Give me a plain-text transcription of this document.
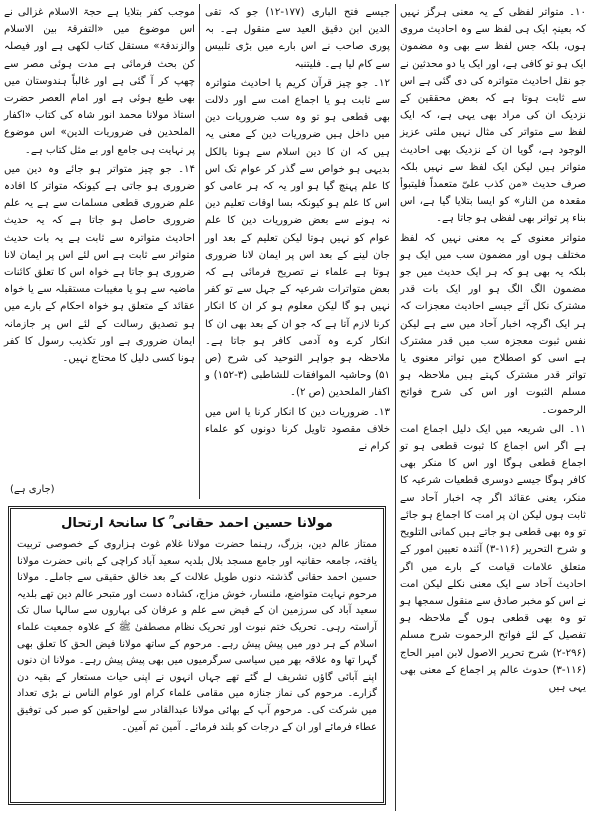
۱۰۔ متواتر لفظی کے یہ معنی ہرگز نہیں کہ بعینہٖ ایک ہی لفظ سے وہ احادیث مروی ہوں، بلکہ جس لفظ سے بھی وہ مضمون ایک ہو تو کافی ہے، اور ایک یا دو محدثین نے جو نقل احادیث متواترہ کی دی گئی ہے اس سے ثابت ہوتا ہے کہ بعض محققین کے نزدیک ان کی مراد بھی یہی ہے، کہ ایک لفظ سے متواتر کی مثال نہیں ملتی عزیز الوجود ہے، گویا ان کے نزدیک بھی احادیث متواتر ہیں لیکن ایک لفظ سے نہیں بلکہ صرف حدیث «من کذب علیّ متعمداً فلیتبوأ مقعدہ من النار» کو ایسا بتلایا گیا ہے، اس بناء پر تواتر بھی لفظی ہو جاتا ہے۔

متواتر معنوی کے یہ معنی نہیں کہ لفظ مختلف ہوں اور مضمون سب میں ایک ہو بلکہ یہ بھی ہو کہ ہر ایک حدیث میں جو مضمون الگ الگ ہو اور ایک بات قدر مشترک نکل آئے جیسے احادیث معجزات کہ ہر ایک اگرچہ اخبار آحاد میں سے ہے لیکن نفس ثبوت معجزہ سب میں قدر مشترک ہے اسی کو اصطلاح میں تواتر معنوی یا تواتر قدر مشترک کہتے ہیں ملاحظہ ہو مسلم الثبوت اور اس کی شرح فواتح الرحموت۔

۱۱۔ الی شریعہ میں ایک دلیل اجماع امت ہے اگر اس اجماع کا ثبوت قطعی ہو تو اجماع قطعی ہوگا اور اس کا منکر بھی کافر ہوگا جیسے دوسری قطعیات شرعیہ کا منکر، یعنی عقائد اگر چہ اخبار آحاد سے ثابت ہوں لیکن ان پر امت کا اجماع ہو جائے تو وہ بھی قطعی ہو جاتے ہیں کمانی التلویح و شرح التحریر (۱۱۶-۳) آئندہ تعیین امور کے متعلق علامات قیامت کے بارے میں اگر احادیث آحاد سے ایک معنی نکلے لیکن امت نے اس کو مخبر صادق سے منقول سمجھا ہو تو وہ بھی قطعی ہوں گے ملاحظہ ہو تفصیل کے لئے فواتح الرحموت شرح مسلم (۲۹۶-۲) شرح تحریر الاصول لابن امیر الحاج (۱۱۶-۳) حدوث عالم پر اجماع کے معنی بھی یہی ہیں

جیسے فتح الباری (۱۷۷-۱۲) جو کہ تقی الدین ابن دقیق العید سے منقول ہے۔ بہ پوری صاحب نے اس بارے میں بڑی تلبیس سے کام لیا ہے۔ فلیتنبہ

۱۲۔ جو چیز قرآن کریم یا احادیث متواترہ سے ثابت ہو یا اجماع امت سے اور دلالت بھی قطعی ہو تو وہ سب ضروریات دین میں داخل ہیں ضروریات دین کے معنی یہ ہیں کہ ان کا دین اسلام سے ہونا بالکل بدیہی ہو خواص سے گذر کر عوام تک اس کا علم پہنچ گیا ہو اور یہ کہ ہر عامی کو اس کا علم ہو کیونکہ بسا اوقات تعلیم دین نہ ہونے سے بعض ضروریات دین کا علم عوام کو نہیں ہوتا لیکن تعلیم کے بعد اور جان لینے کے بعد اس پر ایمان لانا ضروری ہوتا ہے علماء نے تصریح فرمائی ہے کہ بعض متواترات شرعیہ کے جہل سے تو کفر نہیں ہو گا لیکن معلوم ہو کر ان کا انکار کرنا لازم آتا ہے کہ جو ان کے بعد بھی ان کا انکار کرے وہ آدمی کافر ہو جاتا ہے۔ ملاحظہ ہو جواہر التوحید کی شرح (ص ۵۱) وحاشیہ الموافقات للشاطبی (۳-۱۵۲) و اکفار الملحدین (ص ۲)۔

۱۳۔ ضروریات دین کا انکار کرنا یا اس میں خلاف مقصود تاویل کرنا دونوں کو علماء کرام نے

موجب کفر بتلایا ہے حجۃ الاسلام غزالی نے اس موضوع میں «التفرقۃ بین الاسلام والزندقۃ» مستقل کتاب لکھی ہے اور فیصلہ کن بحث فرمائی ہے مدت ہوئی مصر سے چھپ کر آ گئی ہے اور غالباً ہندوستان میں بھی طبع ہوئی ہے اور امام العصر حضرت استاذ مولانا محمد انور شاہ کی کتاب «اکفار الملحدین فی ضروریات الدین» اس موضوع پر نہایت ہی جامع اور بے مثل کتاب ہے۔

۱۴۔ جو چیز متواتر ہو جائے وہ دین میں ضروری ہو جاتی ہے کیونکہ متواتر کا افادہ علم ضروری قطعی مسلمات سے ہے یہ علم ضروری حاصل ہو جاتا ہے کہ یہ حدیث احادیث متواترہ سے ثابت ہے یہ بات حدیث متواتر سے ثابت ہے اس لئے اس پر ایمان لانا ضروری ہو جاتا ہے خواہ اس کا تعلق کائنات ماضیہ سے ہو یا مغیبات مستقبلہ سے یا خواہ عقائد کے متعلق ہو خواہ احکام کے بارے میں ہو تصدیق رسالت کے لئے اس پر جازمانہ ایمان ضروری ہے اور تکذیب رسول کا کفر ہونا کسی دلیل کا محتاج نہیں۔

(جاری ہے)
مولانا حسین احمد حقانی ؒ کا سانحۂ ارتحال

ممتاز عالم دین، بزرگ، رہنما حضرت مولانا غلام غوث ہزاروی کے خصوصی تربیت یافتہ، جامعہ حقانیہ اور جامع مسجد بلال بلدیہ سعید آباد کراچی کے بانی حضرت مولانا حسین احمد حقانی گذشتہ دنوں طویل علالت کے بعد خالق حقیقی سے جاملے۔ مولانا مرحوم نہایت متواضع، ملنسار، خوش مزاج، کشادہ دست اور متبحر عالم دین تھے بلدیہ سعید آباد کی سرزمین ان کے فیض سے علم و عرفان کی بہاروں سے سالہا سال تک آراستہ رہی۔ تحریک ختم نبوت اور تحریک نظام مصطفیٰ ﷺ کے علاوہ جمعیت علماء اسلام کے ہر دور میں پیش پیش رہے۔ مرحوم کے ساتھ مولانا فیض الحق کا تعلق بھی گہرا تھا وہ علاقہ بھر میں سیاسی سرگرمیوں میں بھی پیش پیش رہے۔ مولانا ان دنوں اپنے آبائی گاؤں تشریف لے گئے تھے جہاں انہوں نے اپنی حیات مستعار کے بقیہ دن گزارے۔ مرحوم کی نماز جنازہ میں مقامی علماء کرام اور عوام الناس نے بڑی تعداد میں شرکت کی۔ مرحوم آپ کے بھائی مولانا عبدالقادر سے لواحقین کو صبر کی توفیق عطاء فرمائے اور ان کے درجات کو بلند فرمائے۔ آمین ثم آمین۔
